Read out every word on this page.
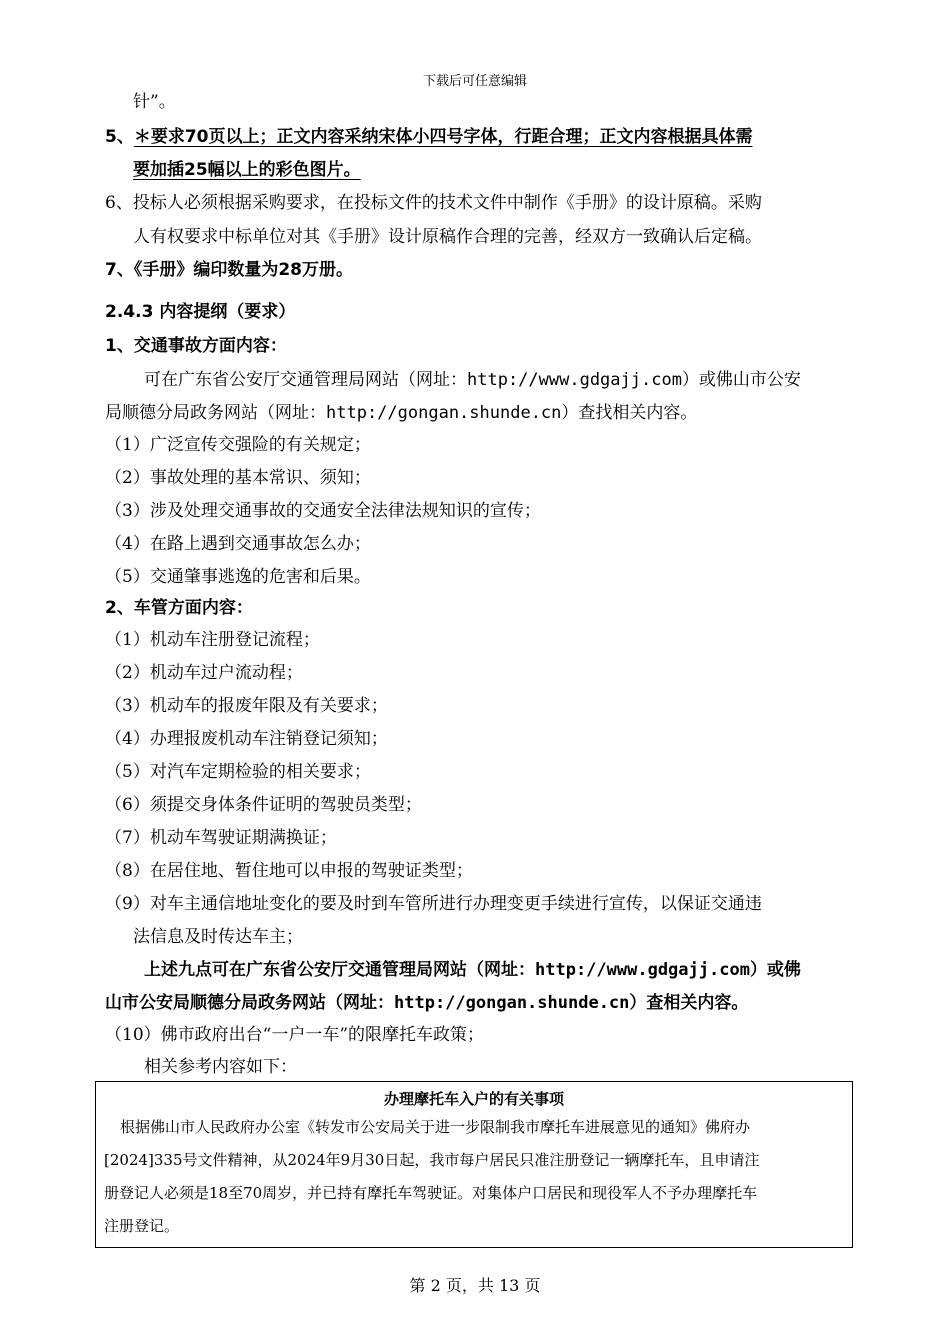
下载后可任意编辑
针”。
5、＊要求70页以上；正文内容采纳宋体小四号字体，行距合理；正文内容根据具体需
要加插25幅以上的彩色图片。
6、投标人必须根据采购要求，在投标文件的技术文件中制作《手册》的设计原稿。采购
人有权要求中标单位对其《手册》设计原稿作合理的完善，经双方一致确认后定稿。
7、《手册》编印数量为28万册。
2.4.3 内容提纲（要求）
1、交通事故方面内容：
可在广东省公安厅交通管理局网站（网址：http://www.gdgajj.com）或佛山市公安
局顺德分局政务网站（网址：http://gongan.shunde.cn）查找相关内容。
（1）广泛宣传交强险的有关规定；
（2）事故处理的基本常识、须知；
（3）涉及处理交通事故的交通安全法律法规知识的宣传；
（4）在路上遇到交通事故怎么办；
（5）交通肇事逃逸的危害和后果。
2、车管方面内容：
（1）机动车注册登记流程；
（2）机动车过户流动程；
（3）机动车的报废年限及有关要求；
（4）办理报废机动车注销登记须知；
（5）对汽车定期检验的相关要求；
（6）须提交身体条件证明的驾驶员类型；
（7）机动车驾驶证期满换证；
（8）在居住地、暂住地可以申报的驾驶证类型；
（9）对车主通信地址变化的要及时到车管所进行办理变更手续进行宣传，以保证交通违
法信息及时传达车主；
上述九点可在广东省公安厅交通管理局网站（网址：http://www.gdgajj.com）或佛
山市公安局顺德分局政务网站（网址：http://gongan.shunde.cn）查相关内容。
（10）佛市政府出台“一户一车”的限摩托车政策；
相关参考内容如下：
办理摩托车入户的有关事项
根据佛山市人民政府办公室《转发市公安局关于进一步限制我市摩托车进展意见的通知》佛府办
[2024]335号文件精神，从2024年9月30日起，我市每户居民只准注册登记一辆摩托车，且申请注
册登记人必须是18至70周岁，并已持有摩托车驾驶证。对集体户口居民和现役军人不予办理摩托车
注册登记。
第 2 页，共 13 页
